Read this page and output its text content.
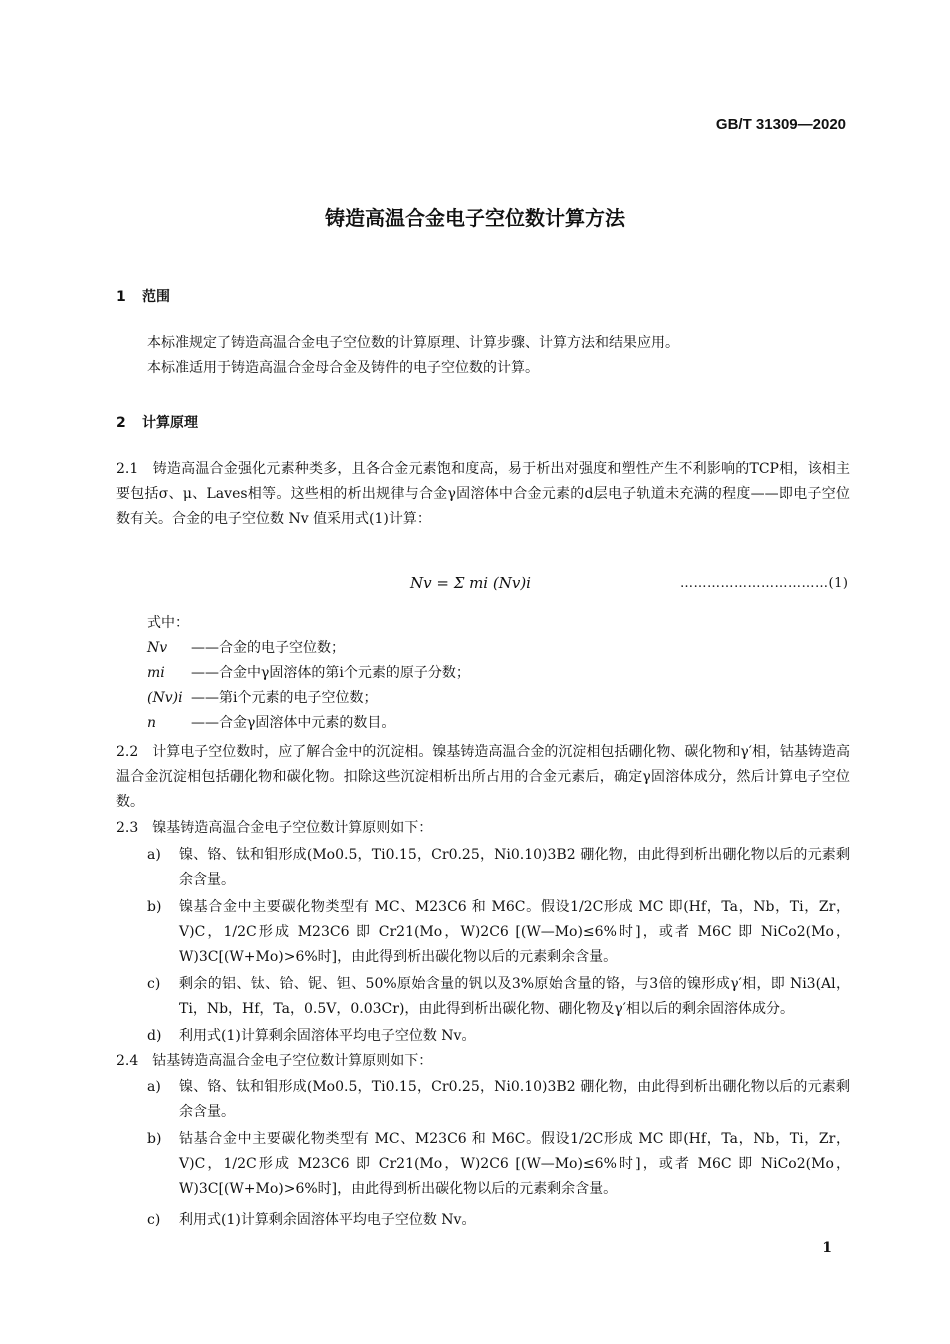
GB/T 31309—2020
铸造高温合金电子空位数计算方法
1 范围
本标准规定了铸造高温合金电子空位数的计算原理、计算步骤、计算方法和结果应用。
本标准适用于铸造高温合金母合金及铸件的电子空位数的计算。
2 计算原理
2.1　 铸造高温合金强化元素种类多，且各合金元素饱和度高，易于析出对强度和塑性产生不利影响的TCP相，该相主要包括σ、μ、Laves相等。这些相的析出规律与合金γ固溶体中合金元素的d层电子轨道未充满的程度——即电子空位数有关。合金的电子空位数 Nv 值采用式(1)计算：
Nv = Σ mi (Nv)i	……………………………(1)
式中：
Nv ——合金的电子空位数；
mi ——合金中γ固溶体的第i个元素的原子分数；
(Nv)i ——第i个元素的电子空位数；
n ——合金γ固溶体中元素的数目。
2.2　计算电子空位数时，应了解合金中的沉淀相。镍基铸造高温合金的沉淀相包括硼化物、碳化物和γ′相，钴基铸造高温合金沉淀相包括硼化物和碳化物。扣除这些沉淀相析出所占用的合金元素后，确定γ固溶体成分，然后计算电子空位数。
2.3　镍基铸造高温合金电子空位数计算原则如下：
a) 镍、铬、钛和钼形成(Mo0.5，Ti0.15，Cr0.25，Ni0.10)3B2 硼化物，由此得到析出硼化物以后的元素剩余含量。
b) 镍基合金中主要碳化物类型有 MC、M23C6 和 M6C。假设1/2C形成 MC 即(Hf，Ta，Nb，Ti，Zr，V)C，1/2C形成 M23C6 即 Cr21(Mo，W)2C6 [(W—Mo)≤6%时]，或者 M6C 即 NiCo2(Mo，W)3C[(W+Mo)>6%时]，由此得到析出碳化物以后的元素剩余含量。
c) 剩余的铝、钛、铪、铌、钽、50%原始含量的钒以及3%原始含量的铬，与3倍的镍形成γ′相，即 Ni3(Al，Ti，Nb，Hf，Ta，0.5V，0.03Cr)，由此得到析出碳化物、硼化物及γ′相以后的剩余固溶体成分。
d) 利用式(1)计算剩余固溶体平均电子空位数 Nv。
2.4　钴基铸造高温合金电子空位数计算原则如下：
a) 镍、铬、钛和钼形成(Mo0.5，Ti0.15，Cr0.25，Ni0.10)3B2 硼化物，由此得到析出硼化物以后的元素剩余含量。
b) 钴基合金中主要碳化物类型有 MC、M23C6 和 M6C。假设1/2C形成 MC 即(Hf，Ta，Nb，Ti，Zr，V)C，1/2C形成 M23C6 即 Cr21(Mo，W)2C6 [(W—Mo)≤6%时]，或者 M6C 即 NiCo2(Mo，W)3C[(W+Mo)>6%时]，由此得到析出碳化物以后的元素剩余含量。
c) 利用式(1)计算剩余固溶体平均电子空位数 Nv。
1
